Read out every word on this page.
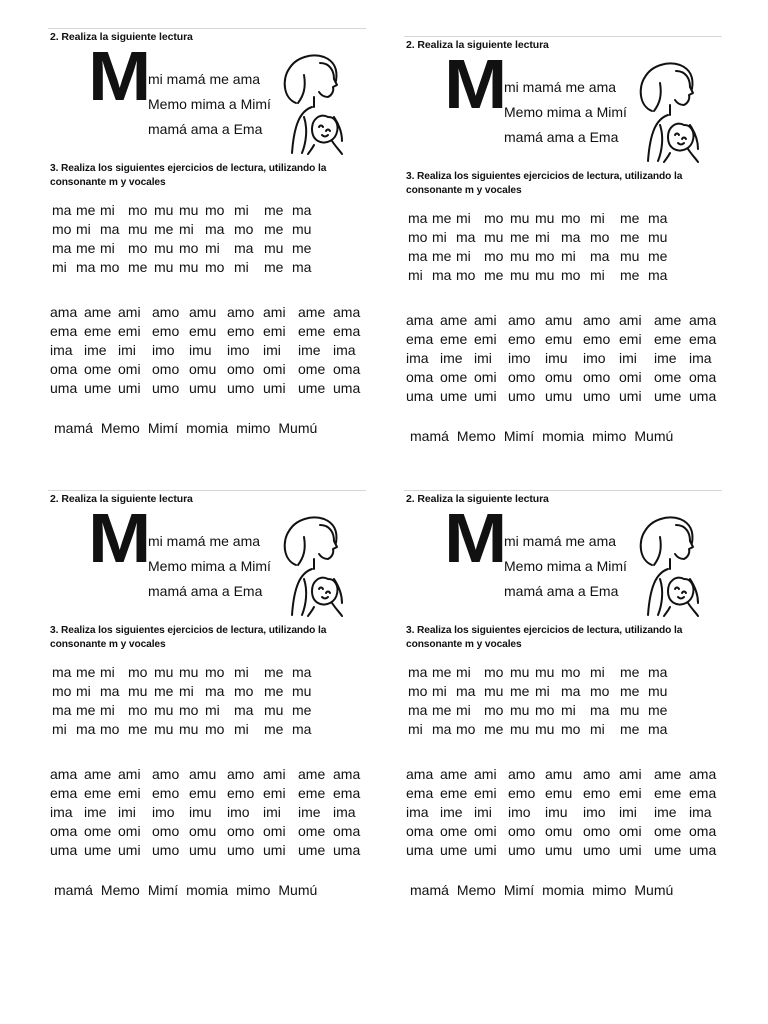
2. Realiza la siguiente lectura
M
mi mamá me ama
Memo mima a Mimí
mamá ama a Ema
3. Realiza los siguientes ejercicios de lectura, utilizando la consonante m y vocales
ma me mi mo mu mu mo mi	me ma
mo mi ma mu me mi ma mo me mu
ma me mi mo mu mo mi	ma mu me
mi ma mo me mu mu mo mi	me ma
ama ame ami amo amu amo ami ame ama
ema eme emi emo emu emo emi eme ema
ima ime imi	imo	imu	imo imi	ime ima
oma ome omi omo omu omo omi ome oma
uma ume umi umo umu umo umi ume uma
mamá Memo Mimí momia mimo Mumú
2. Realiza la siguiente lectura
M
mi mamá me ama
Memo mima a Mimí
mamá ama a Ema
3. Realiza los siguientes ejercicios de lectura, utilizando la consonante m y vocales
ma me mi mo mu mu mo mi	me ma
mo mi ma mu me mi ma mo me mu
ma me mi mo mu mo mi	ma mu me
mi ma mo me mu mu mo mi	me ma
ama ame ami amo amu amo ami ame ama
ema eme emi emo emu emo emi eme ema
ima ime imi	imo	imu	imo imi	ime ima
oma ome omi omo omu omo omi ome oma
uma ume umi umo umu umo umi ume uma
mamá Memo Mimí momia mimo Mumú
2. Realiza la siguiente lectura
M
mi mamá me ama
Memo mima a Mimí
mamá ama a Ema
3. Realiza los siguientes ejercicios de lectura, utilizando la consonante m y vocales
ma me mi mo mu mu mo mi	me ma
mo mi ma mu me mi ma mo me mu
ma me mi mo mu mo mi	ma mu me
mi ma mo me mu mu mo mi	me ma
ama ame ami amo amu amo ami ame ama
ema eme emi emo emu emo emi eme ema
ima ime imi	imo	imu	imo imi	ime ima
oma ome omi omo omu omo omi ome oma
uma ume umi umo umu umo umi ume uma
mamá Memo Mimí momia mimo Mumú
2. Realiza la siguiente lectura
M
mi mamá me ama
Memo mima a Mimí
mamá ama a Ema
3. Realiza los siguientes ejercicios de lectura, utilizando la consonante m y vocales
ma me mi mo mu mu mo mi	me ma
mo mi ma mu me mi ma mo me mu
ma me mi mo mu mo mi	ma mu me
mi ma mo me mu mu mo mi	me ma
ama ame ami amo amu amo ami ame ama
ema eme emi emo emu emo emi eme ema
ima ime imi	imo	imu	imo imi	ime ima
oma ome omi omo omu omo omi ome oma
uma ume umi umo umu umo umi ume uma
mamá Memo Mimí momia mimo Mumú
